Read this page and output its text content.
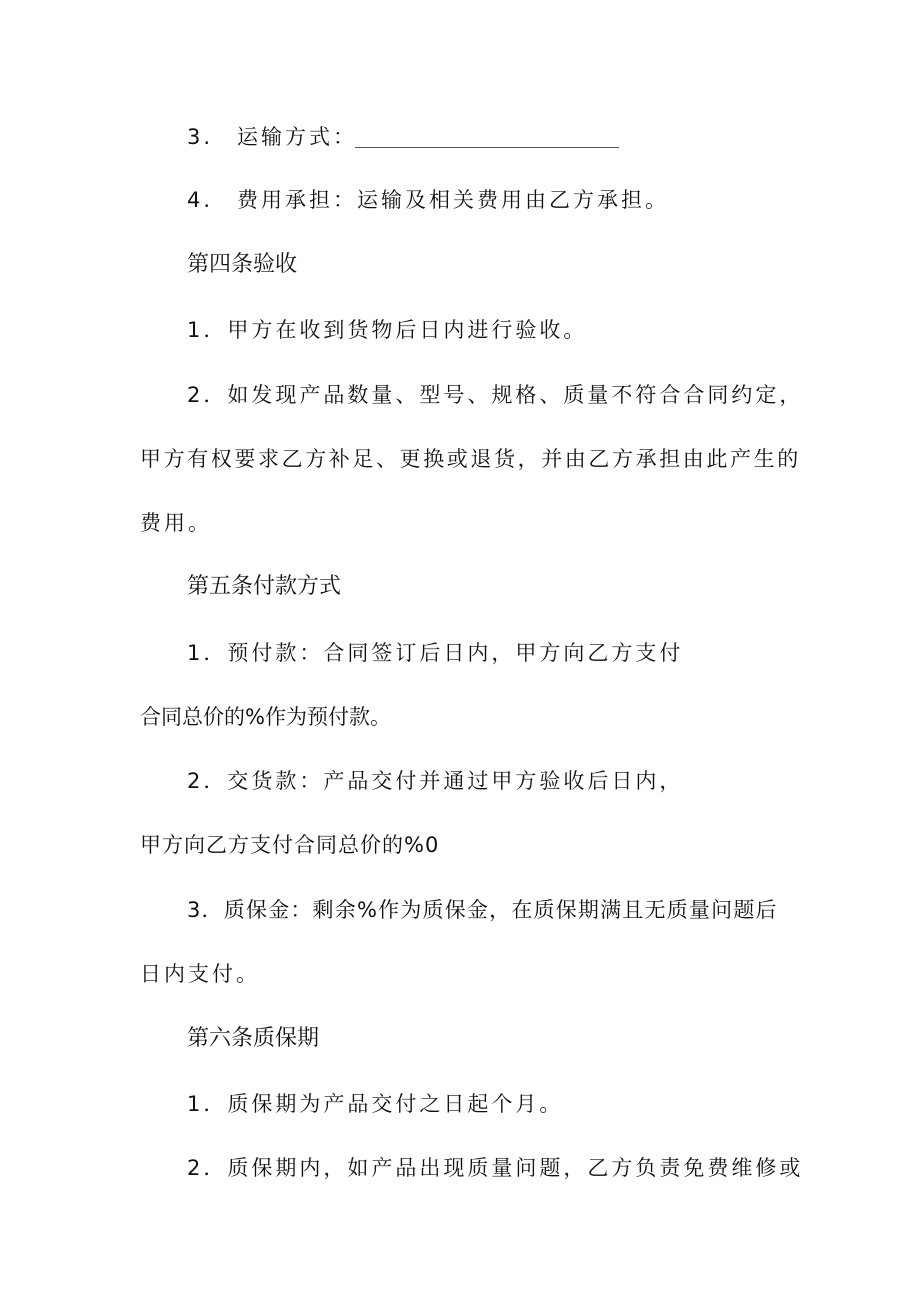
3. 运输方式：
4. 费用承担：运输及相关费用由乙方承担。
第四条验收
1．甲方在收到货物后日内进行验收。
2．如发现产品数量、型号、规格、质量不符合合同约定，
甲方有权要求乙方补足、更换或退货，并由乙方承担由此产生的
费用。
第五条付款方式
1．预付款：合同签订后日内，甲方向乙方支付
合同总价的%作为预付款。
2．交货款：产品交付并通过甲方验收后日内，
甲方向乙方支付合同总价的%0
3．质保金：剩余%作为质保金，在质保期满且无质量问题后
日内支付。
第六条质保期
1．质保期为产品交付之日起个月。
2．质保期内，如产品出现质量问题，乙方负责免费维修或
